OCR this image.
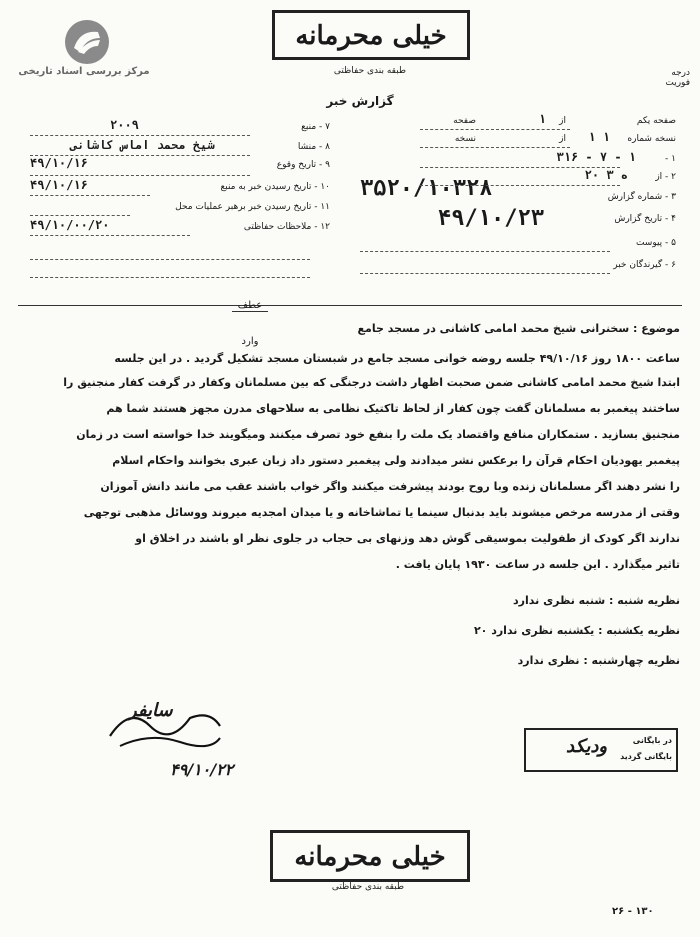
مرکز بررسی اسناد تاریخی
خیلی محرمانه
طبقه بندی حفاظتی	درجه فوریت
گزارش خبر
صفحه یکم
از
صفحه	۱
نسخه شماره
از
نسخه	۱ ۱
۱ -
۳۱۶ - ۷ - ۱
۲ - از
۲۰ ه ۳
۳ - شماره گزارش
۳۵۲۰/۱۰۳۲۸
۴ - تاریخ گزارش
۴۹/۱۰/۲۳
۵ - پیوست
۶ - گیرندگان خبر
۷ - منبع
۲۰۰۹
۸ - منشا
شیخ محمد اماس کاشانی
۹ - تاریخ وقوع
۴۹/۱۰/۱۶
۱۰ - تاریخ رسیدن خبر به منبع
۴۹/۱۰/۱۶
۱۱ - تاریخ رسیدن خبر برهبر عملیات محل
۱۲ - ملاحظات حفاظتی
۴۹/۱۰/۰۰/۲۰
عطف
وارد
موضوع : سخنرانی شیخ محمد امامی کاشانی در مسجد جامع
ساعت ۱۸۰۰ روز ۴۹/۱۰/۱۶ جلسه روضه خوانی مسجد جامع در شبستان مسجد تشکیل گردید . در این جلسه
ابتدا شیخ محمد امامی کاشانی ضمن صحبت اظهار داشت درجنگی که بین مسلمانان وکفار در گرفت کفار منجنیق را
ساختند پیغمبر به مسلمانان گفت چون کفار از لحاظ تاکتیک نظامی به سلاحهای مدرن مجهز هستند شما هم
منجنیق بسازید . ستمکاران منافع واقتصاد یک ملت را بنفع خود تصرف میکنند ومیگویند خدا خواسته است در زمان
پیغمبر یهودیان احکام قرآن را برعکس نشر میدادند ولی پیغمبر دستور داد زبان عبری بخوانند واحکام اسلام
را نشر دهند اگر مسلمانان زنده وبا روح بودند پیشرفت میکنند واگر خواب باشند عقب می مانند دانش آموزان
وقتی از مدرسه مرخص میشوند باید بدنبال سینما یا تماشاخانه و یا میدان امجدیه میروند ووسائل مذهبی توجهی
ندارند اگر کودک از طفولیت بموسیقی گوش دهد وزنهای بی حجاب در جلوی نظر او باشند در اخلاق او
تاثیر میگذارد . این جلسه در ساعت ۱۹۳۰ پایان یافت .
نظریه شنبه : شنبه نظری ندارد
نظریه یکشنبه : یکشنبه نظری ندارد ۲۰
نظریه چهارشنبه : نظری ندارد
سایفر
۴۹/۱۰/۲۲
در بایگانی
بایگانی گردید
ودیکد
خیلی محرمانه
طبقه بندی حفاظتی
۲۶ - ۱۳۰
